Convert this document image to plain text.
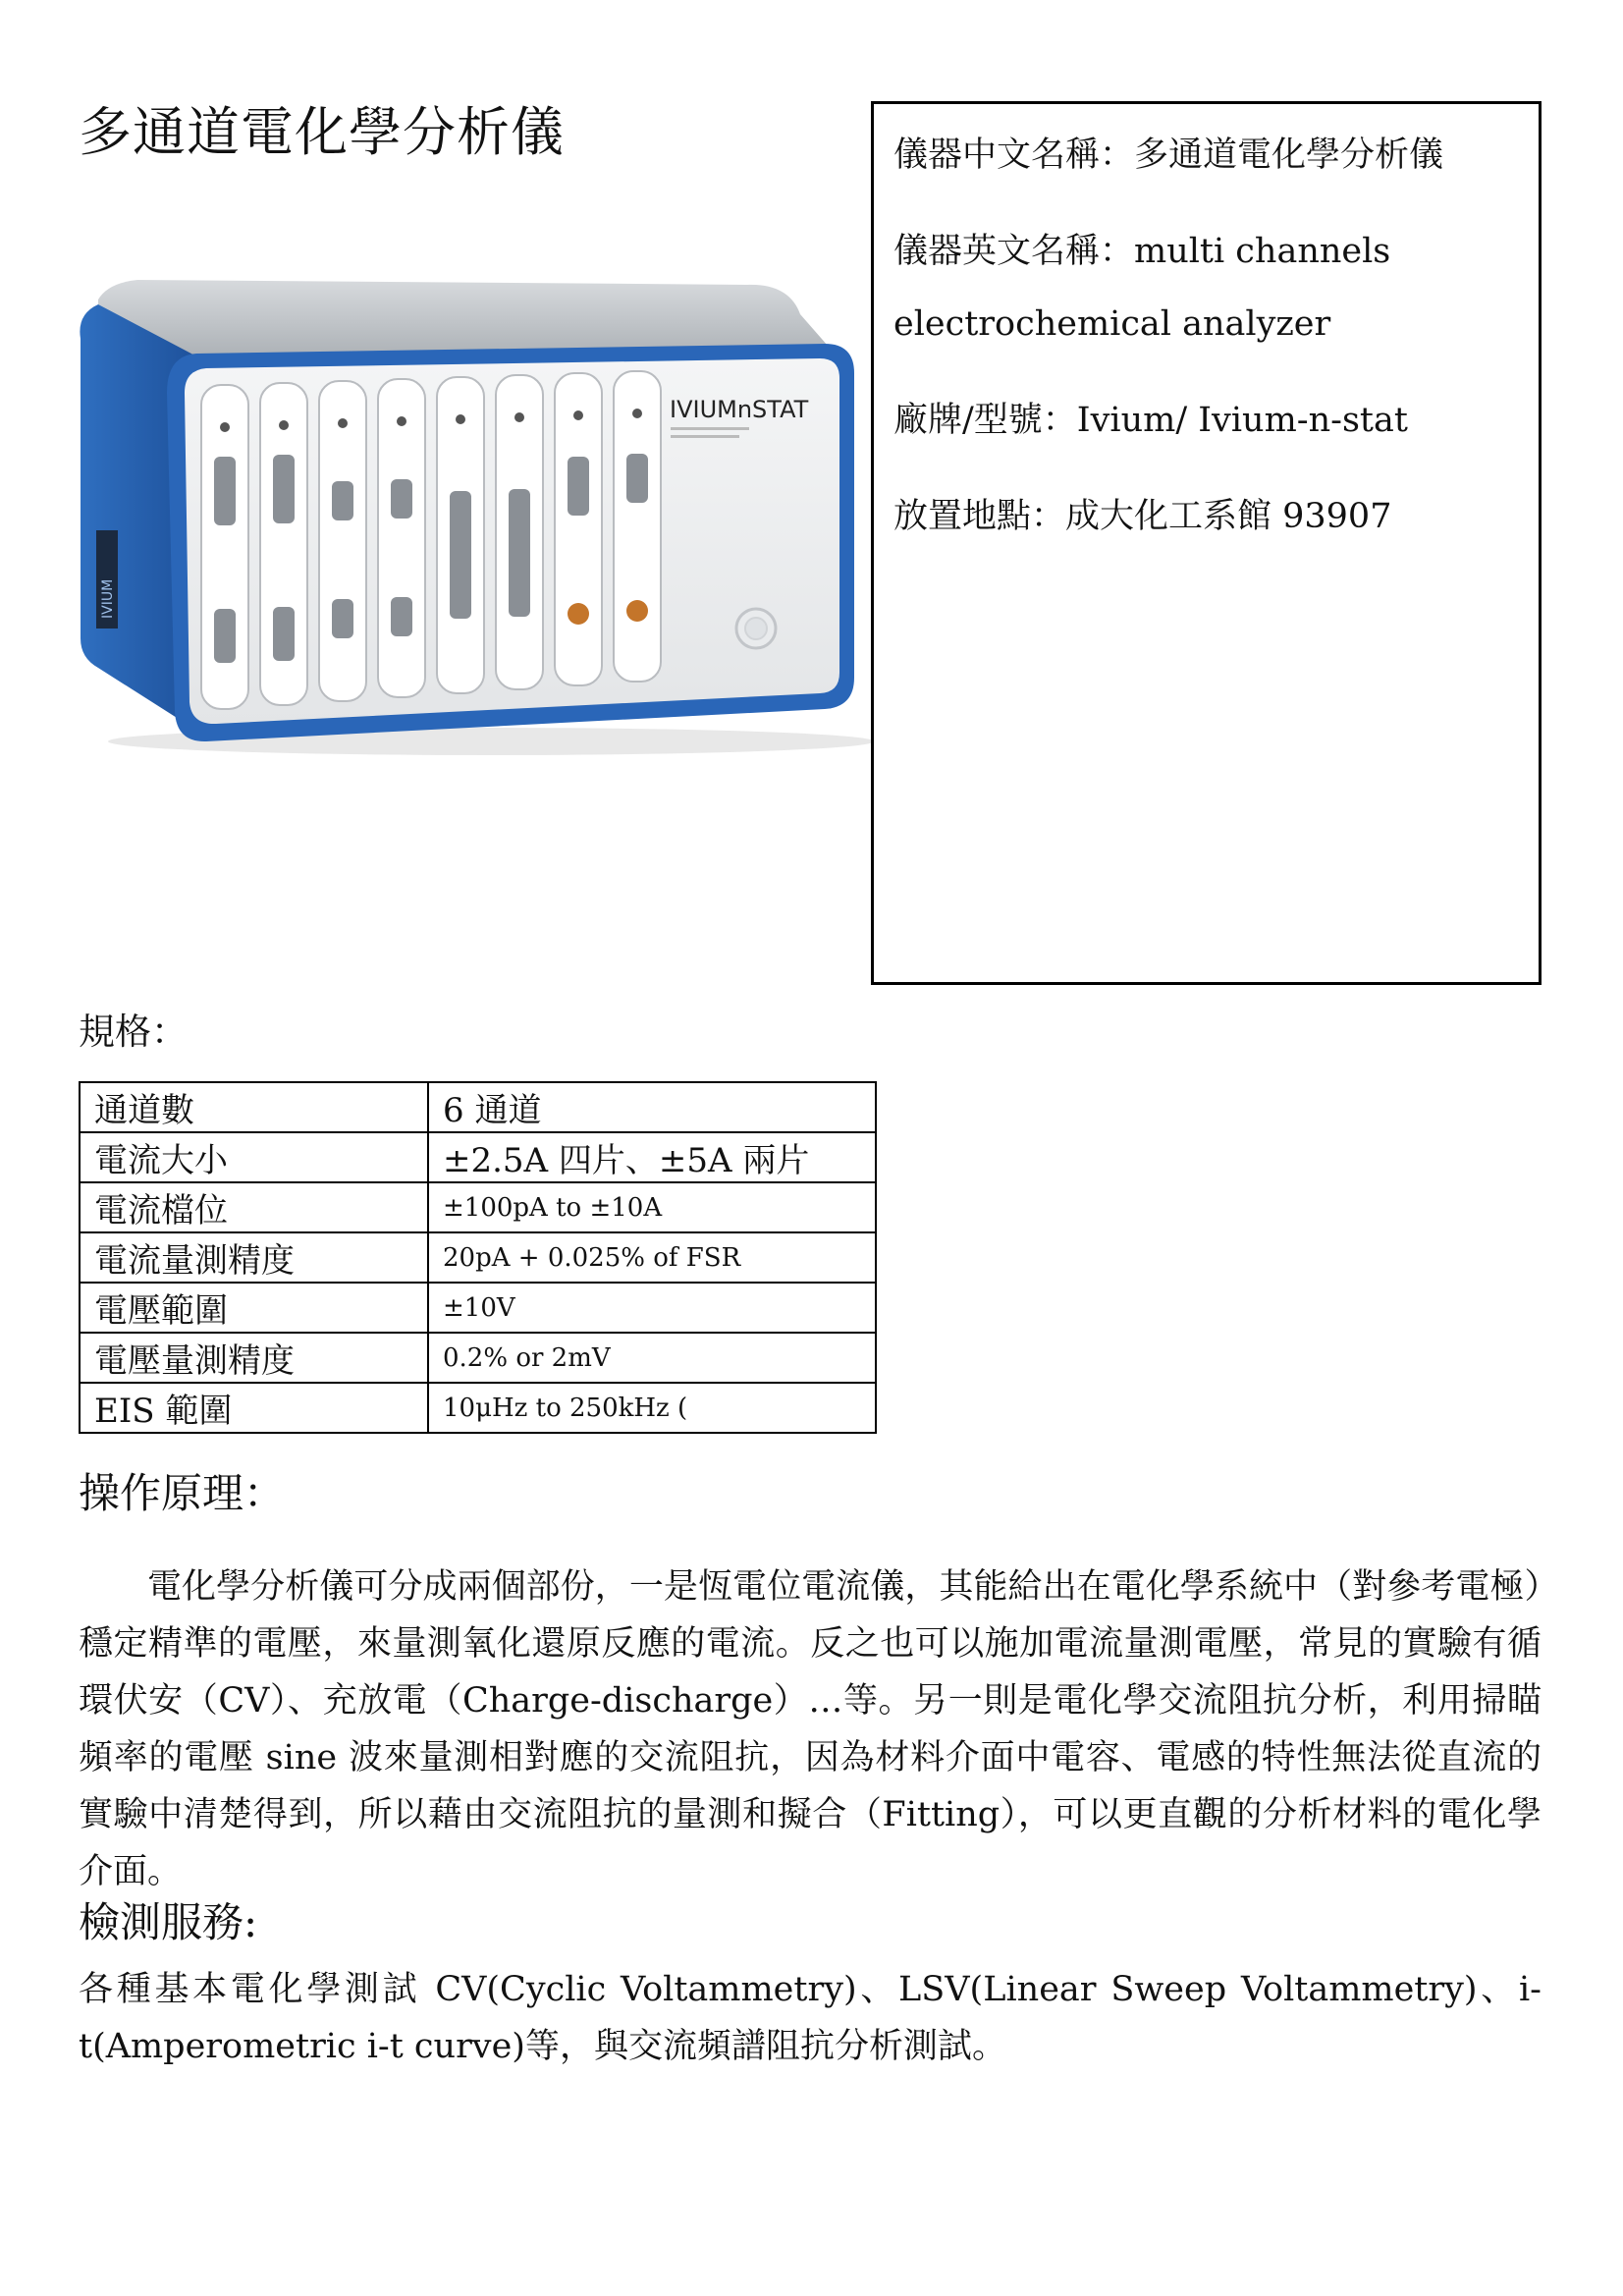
多通道電化學分析儀
IVIUM
IVIUMnSTAT

儀器中文名稱：多通道電化學分析儀

儀器英文名稱：multi channels

electrochemical analyzer

廠牌/型號：Ivium/ Ivium-n-stat

放置地點：成大化工系館 93907

規格：
通道數	6 通道
電流大小	±2.5A 四片、±5A 兩片
電流檔位	±100pA to ±10A
電流量測精度	20pA + 0.025% of FSR
電壓範圍	±10V
電壓量測精度	0.2% or 2mV
EIS 範圍	10μHz to 250kHz (
操作原理：

電化學分析儀可分成兩個部份，一是恆電位電流儀，其能給出在電化學系統中（對參考電極）穩定精準的電壓，來量測氧化還原反應的電流。反之也可以施加電流量測電壓，常見的實驗有循環伏安（CV）、充放電（Charge-discharge）…等。另一則是電化學交流阻抗分析，利用掃瞄頻率的電壓 sine 波來量測相對應的交流阻抗，因為材料介面中電容、電感的特性無法從直流的實驗中清楚得到，所以藉由交流阻抗的量測和擬合（Fitting），可以更直觀的分析材料的電化學介面。

檢測服務:

各種基本電化學測試 CV(Cyclic Voltammetry)、LSV(Linear Sweep Voltammetry)、i-t(Amperometric i-t curve)等，與交流頻譜阻抗分析測試。
